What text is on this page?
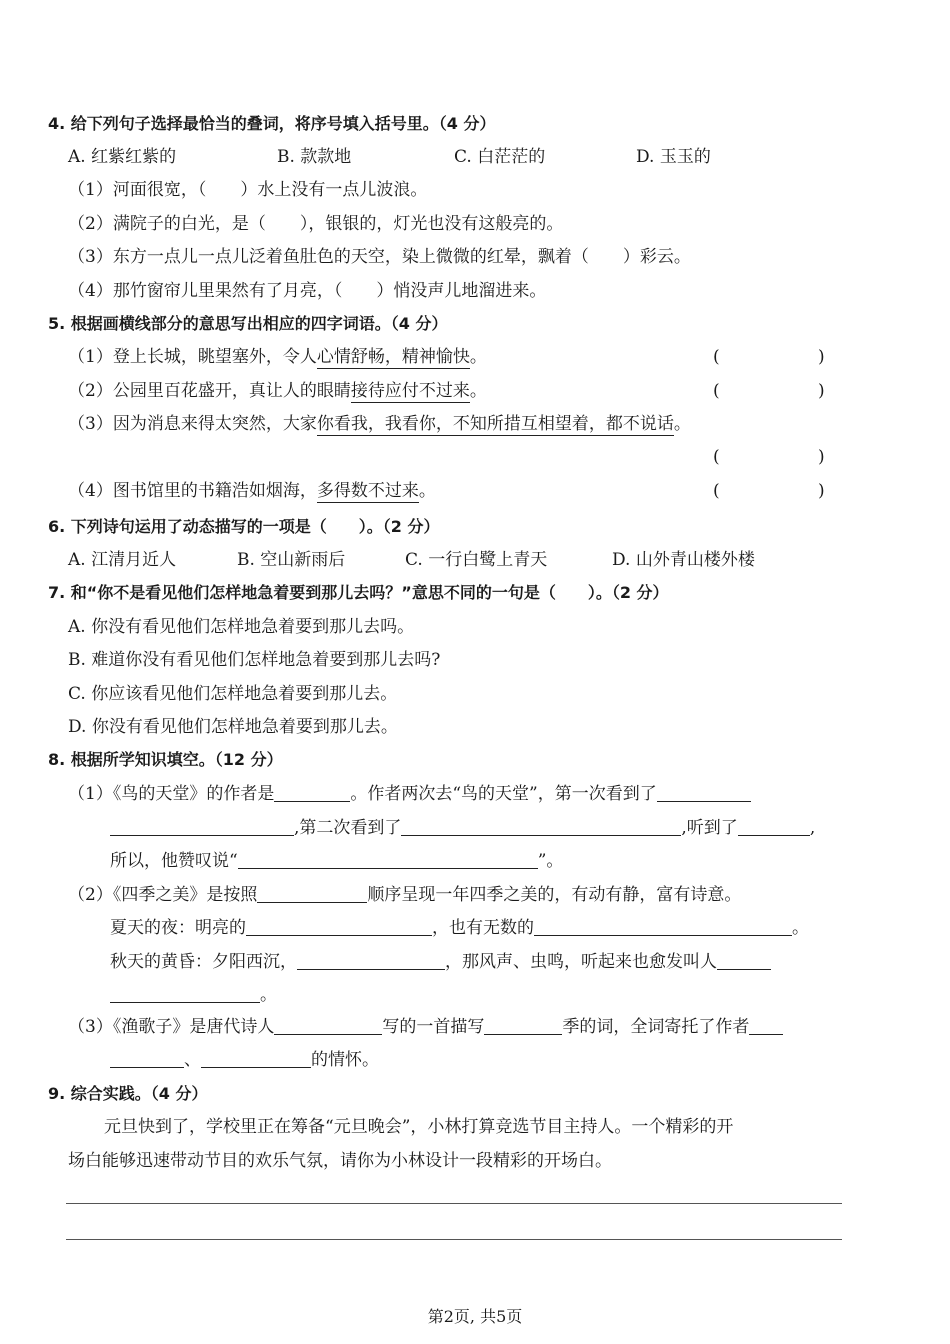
4. 给下列句子选择最恰当的叠词，将序号填入括号里。（4 分）
A. 红紫红紫的	B. 款款地	C. 白茫茫的	D. 玉玉的
（1）河面很宽，（　　）水上没有一点儿波浪。
（2）满院子的白光，是（　　），银银的，灯光也没有这般亮的。
（3）东方一点儿一点儿泛着鱼肚色的天空，染上微微的红晕，飘着（　　）彩云。
（4）那竹窗帘儿里果然有了月亮，（　　）悄没声儿地溜进来。
5. 根据画横线部分的意思写出相应的四字词语。（4 分）
（1）登上长城，眺望塞外，令人心情舒畅，精神愉快。	(	)
（2）公园里百花盛开，真让人的眼睛接待应付不过来。	(	)
（3）因为消息来得太突然，大家你看我，我看你，不知所措互相望着，都不说话。
(	)
（4）图书馆里的书籍浩如烟海，多得数不过来。	(	)
6. 下列诗句运用了动态描写的一项是（　　）。（2 分）
A. 江清月近人	B. 空山新雨后	C. 一行白鹭上青天	D. 山外青山楼外楼
7. 和“你不是看见他们怎样地急着要到那儿去吗？”意思不同的一句是（　　）。（2 分）
A. 你没有看见他们怎样地急着要到那儿去吗。
B. 难道你没有看见他们怎样地急着要到那儿去吗?
C. 你应该看见他们怎样地急着要到那儿去。
D. 你没有看见他们怎样地急着要到那儿去。
8. 根据所学知识填空。（12 分）
（1）《鸟的天堂》的作者是	。作者两次去“鸟的天堂”，第一次看到了
,第二次看到了	,听到了	,
所以，他赞叹说“	”。
（2）《四季之美》是按照	顺序呈现一年四季之美的，有动有静，富有诗意。
夏天的夜：明亮的	，也有无数的	。
秋天的黄昏：夕阳西沉，	，那风声、虫鸣，听起来也愈发叫人
。
（3）《渔歌子》是唐代诗人	写的一首描写	季的词，全词寄托了作者
、	的情怀。
9. 综合实践。（4 分）
元旦快到了，学校里正在筹备“元旦晚会”，小林打算竞选节目主持人。一个精彩的开
场白能够迅速带动节目的欢乐气氛，请你为小林设计一段精彩的开场白。
第2页, 共5页
